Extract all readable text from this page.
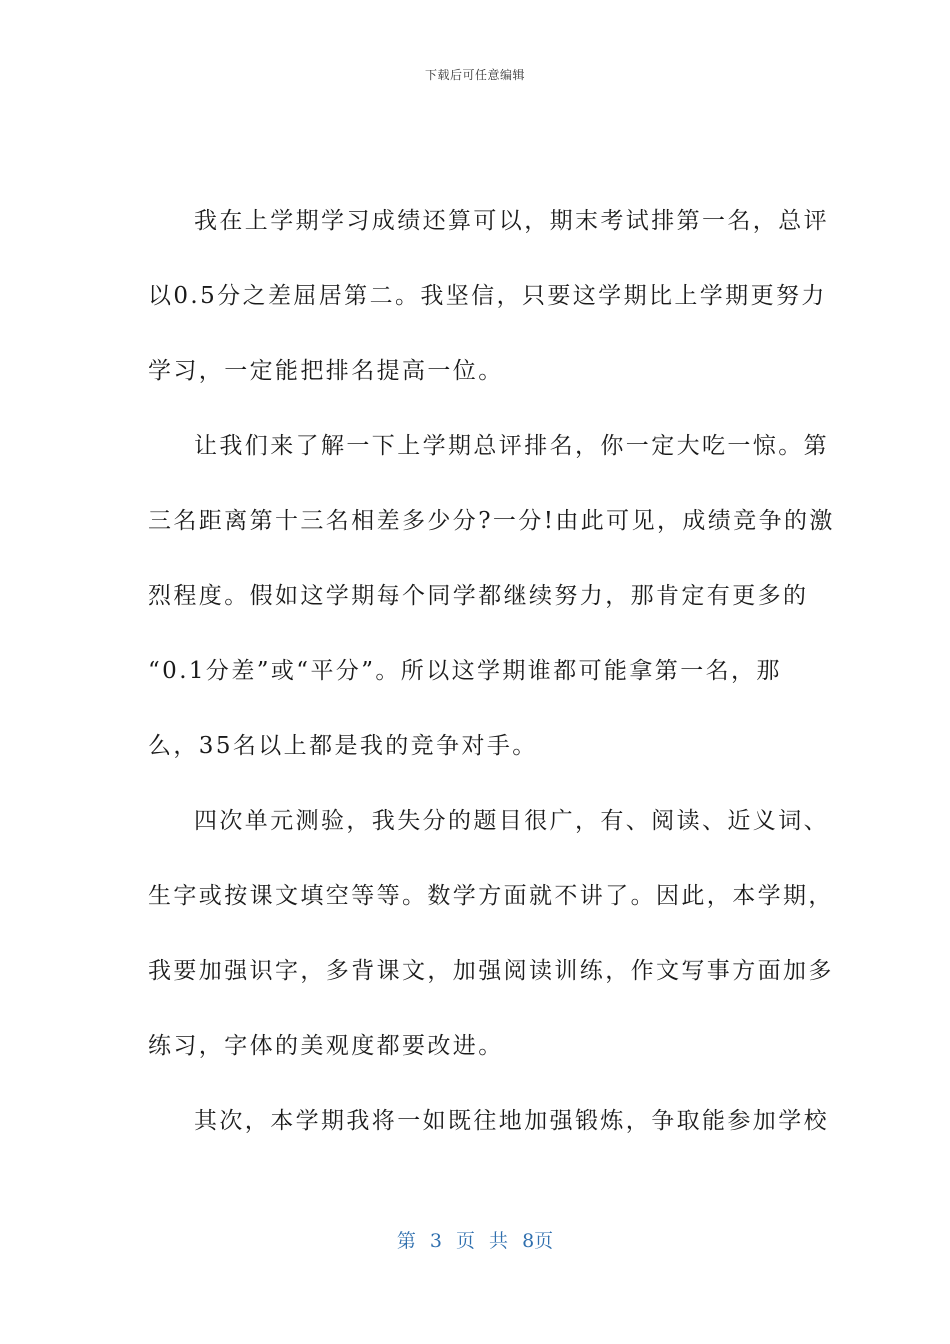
下载后可任意编辑
我在上学期学习成绩还算可以，期末考试排第一名，总评
以0.5分之差屈居第二。我坚信，只要这学期比上学期更努力
学习，一定能把排名提高一位。
让我们来了解一下上学期总评排名，你一定大吃一惊。第
三名距离第十三名相差多少分?一分!由此可见，成绩竞争的激
烈程度。假如这学期每个同学都继续努力，那肯定有更多的
“0.1分差”或“平分”。所以这学期谁都可能拿第一名，那
么，35名以上都是我的竞争对手。
四次单元测验，我失分的题目很广，有、阅读、近义词、
生字或按课文填空等等。数学方面就不讲了。因此，本学期，
我要加强识字，多背课文，加强阅读训练，作文写事方面加多
练习，字体的美观度都要改进。
其次，本学期我将一如既往地加强锻炼，争取能参加学校
第 3 页 共 8页
